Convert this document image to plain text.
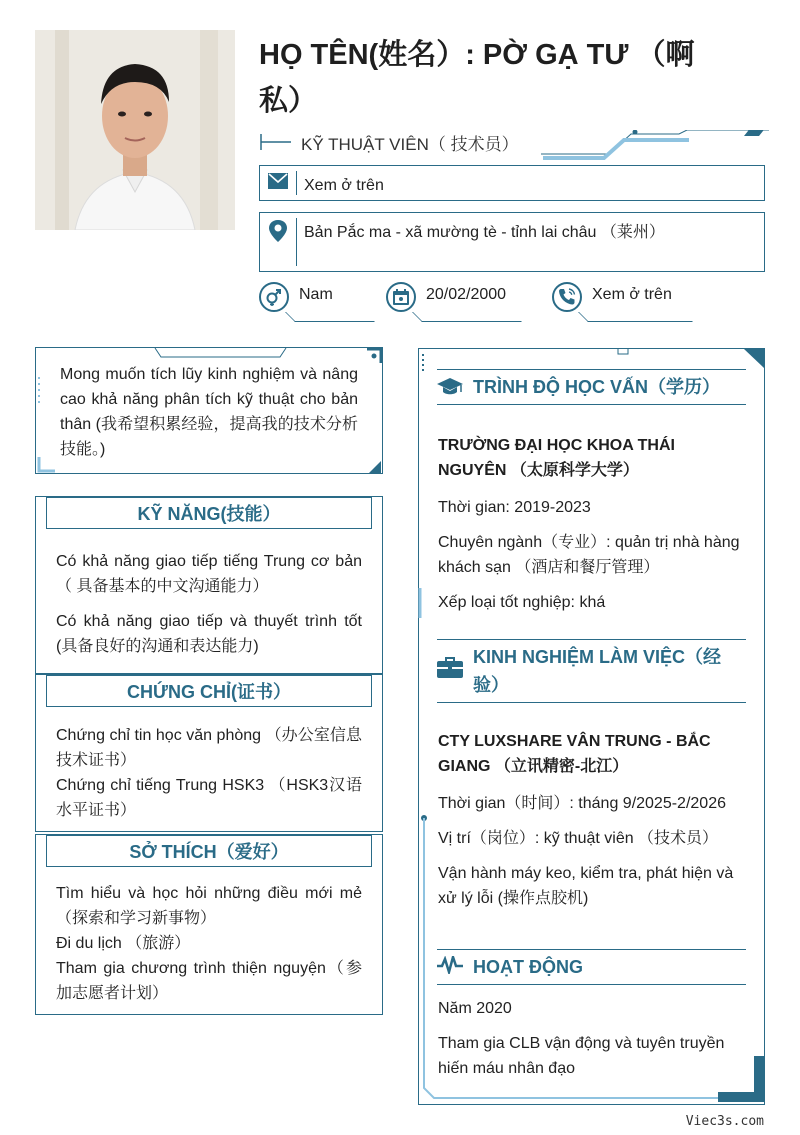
HỌ TÊN(姓名）: PỜ GẠ TƯ （啊私）
KỸ THUẬT VIÊN（ 技术员）
Xem ở trên
Bản Pắc ma - xã mường tè - tỉnh lai châu （莱州）
Nam	20/02/2000	Xem ở trên
Mong muốn tích lũy kinh nghiệm và nâng cao khả năng phân tích kỹ thuật cho bản thân (我希望积累经验，提高我的技术分析技能。)
KỸ NĂNG(技能）

Có khả năng giao tiếp tiếng Trung cơ bản（ 具备基本的中文沟通能力）

Có khả năng giao tiếp và thuyết trình tốt (具备良好的沟通和表达能力)

CHỨNG CHỈ(证书）

Chứng chỉ tin học văn phòng （办公室信息技术证书）

Chứng chỉ tiếng Trung HSK3 （HSK3汉语水平证书）

SỞ THÍCH（爱好）

Tìm hiểu và học hỏi những điều mới mẻ（探索和学习新事物）

Đi du lịch （旅游）

Tham gia chương trình thiện nguyện（参加志愿者计划）

TRÌNH ĐỘ HỌC VẤN（学历）

TRƯỜNG ĐẠI HỌC KHOA THÁI NGUYÊN （太原科学大学）

Thời gian: 2019-2023

Chuyên ngành（专业）: quản trị nhà hàng khách sạn （酒店和餐厅管理）

Xếp loại tốt nghiệp: khá

KINH NGHIỆM LÀM VIỆC（经验）

CTY LUXSHARE VÂN TRUNG - BẮC GIANG （立讯精密-北江）

Thời gian（时间）: tháng 9/2025-2/2026

Vị trí（岗位）: kỹ thuật viên （技术员）

Vận hành máy keo, kiểm tra, phát hiện và xử lý lỗi (操作点胶机)

HOẠT ĐỘNG

Năm 2020

Tham gia CLB vận động và tuyên truyền hiến máu nhân đạo

Viec3s.com
